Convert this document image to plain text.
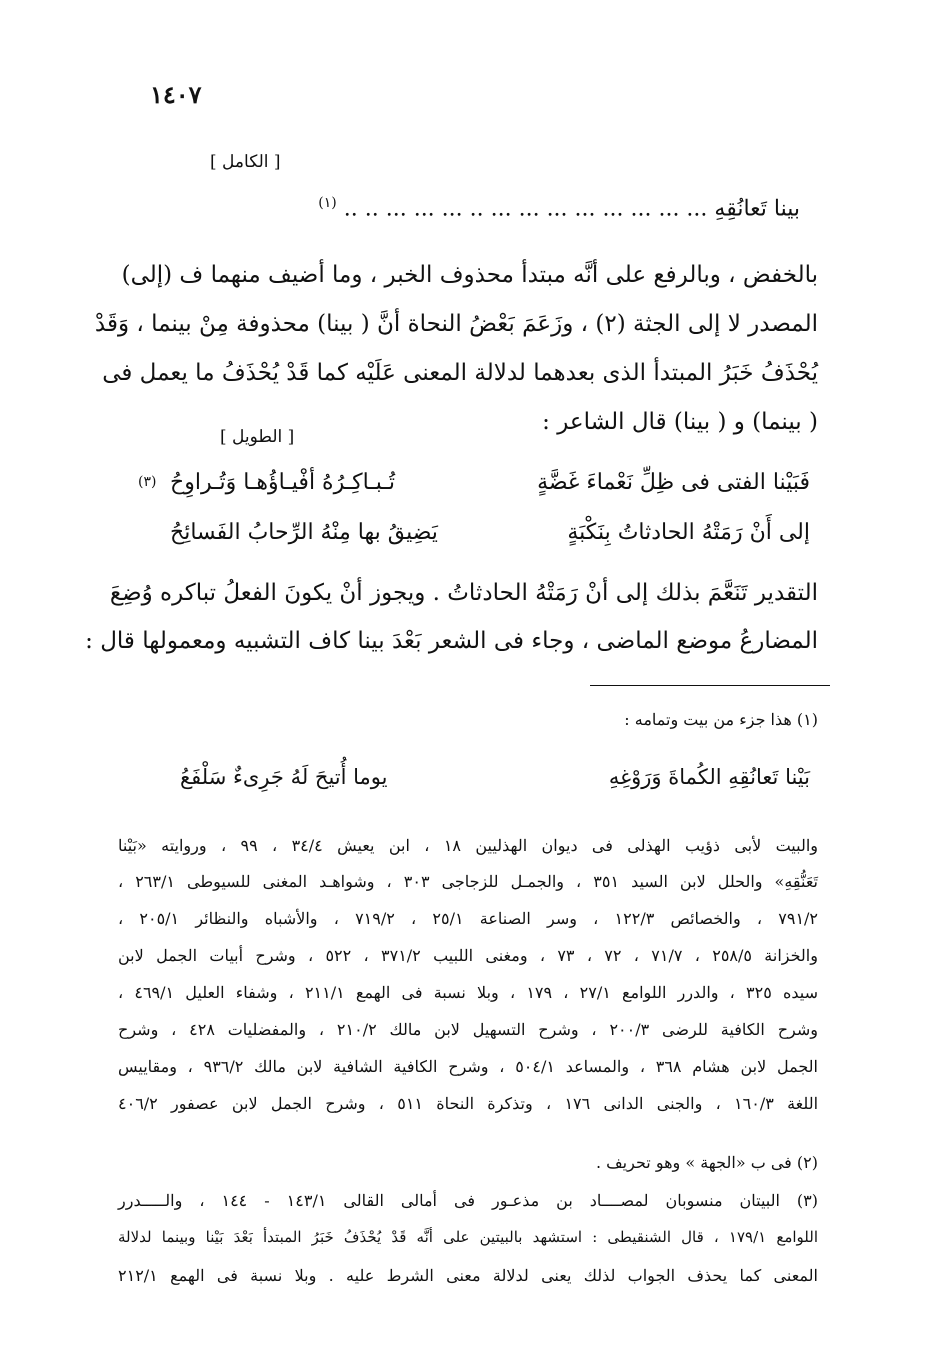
١٤٠٧
[ الكامل ]
بينا تَعانُقِهِ ... ... ... ... ... ... ... ... .. ... ... ... .. .. $^{(١)}$
بالخفض ، وبالرفع على أنَّه مبتدأ محذوف الخبر ، وما أضيف منهما ف (إلى)
المصدر لا إلى الجثة (٢) ، وزَعَمَ بَعْضُ النحاة أنَّ ( بينا) محذوفة مِنْ بينما ، وَقَدْ
يُحْذَفُ خَبَرُ المبتدأ الذى بعدهما لدلالة المعنى عَلَيْه كما قَدْ يُحْذَفُ ما يعمل فى
( بينما) و ( بينا) قال الشاعر :
[ الطويل ]
فَبَيْنا الفتى فى ظِلِّ نَعْماءَ غَضَّةٍ
تُـبـاكِـرُهُ أفْيـاؤُهـا وَتُـراوِحُ
(٣)
إلى أَنْ رَمَتْهُ الحادثاتُ بِنَكْبَةٍ
يَضِيقُ بها مِنْهُ الرِّحابُ الفَسائِحُ
التقدير تَنَعَّمَ بذلك إلى أنْ رَمَتْهُ الحادثاتُ . ويجوز أنْ يكونَ الفعلُ تباكره وُضِعَ
المضارعُ موضع الماضى ، وجاء فى الشعر بَعْدَ بينا كاف التشبيه ومعمولها قال :
(١) هذا جزء من بيت وتمامه :
بَيْنا تَعانُقِهِ الكُماةَ وَرَوْغِهِ
يوما أُتيحَ لَهُ جَرِىءٌ سَلْفَعُ
والبيت لأبى ذؤيب الهذلى فى ديوان الهذليين ١٨ ، ابن يعيش ٣٤/٤ ، ٩٩ ، وروايته «بَيْنا
تَعَنُّقِهِ» والحلل لابن السيد ٣٥١ ، والجمـل للزجاجى ٣٠٣ ، وشواهـد المغنى للسيوطى ٢٦٣/١ ،
٧٩١/٢ ، والخصائص ١٢٢/٣ ، وسر الصناعة ٢٥/١ ، ٧١٩/٢ ، والأشباه والنظائر ٢٠٥/١ ،
والخزانة ٢٥٨/٥ ، ٧١/٧ ، ٧٢ ، ٧٣ ، ومغنى اللبيب ٣٧١/٢ ، ٥٢٢ ، وشرح أبيات الجمل لابن
سيده ٣٢٥ ، والدرر اللوامع ٢٧/١ ، ١٧٩ ، وبلا نسبة فى الهمع ٢١١/١ ، وشفاء العليل ٤٦٩/١ ،
وشرح الكافية للرضى ٢٠٠/٣ ، وشرح التسهيل لابن مالك ٢١٠/٢ ، والمفضليات ٤٢٨ ، وشرح
الجمل لابن هشام ٣٦٨ ، والمساعد ٥٠٤/١ ، وشرح الكافية الشافية لابن مالك ٩٣٦/٢ ، ومقاييس
اللغة ١٦٠/٣ ، والجنى الدانى ١٧٦ ، وتذكرة النحاة ٥١١ ، وشرح الجمل لابن عصفور ٤٠٦/٢
(٢) فى ب «الجهة » وهو تحريف .
(٣) البيتان منسوبان لمصــــاد بن مذعـور فى أمالى القالى ١٤٣/١ - ١٤٤ ، والـــــدرر
اللوامع ١٧٩/١ ، قال الشنقيطى : استشهد بالبيتين على أنَّه قَدْ يُحْذَفُ خَبَرُ المبتدأ بَعْدَ بَيْنا وبينما لدلالة
المعنى كما يحذف الجواب لذلك يعنى لدلالة معنى الشرط عليه . وبلا نسبة فى الهمع ٢١٢/١
